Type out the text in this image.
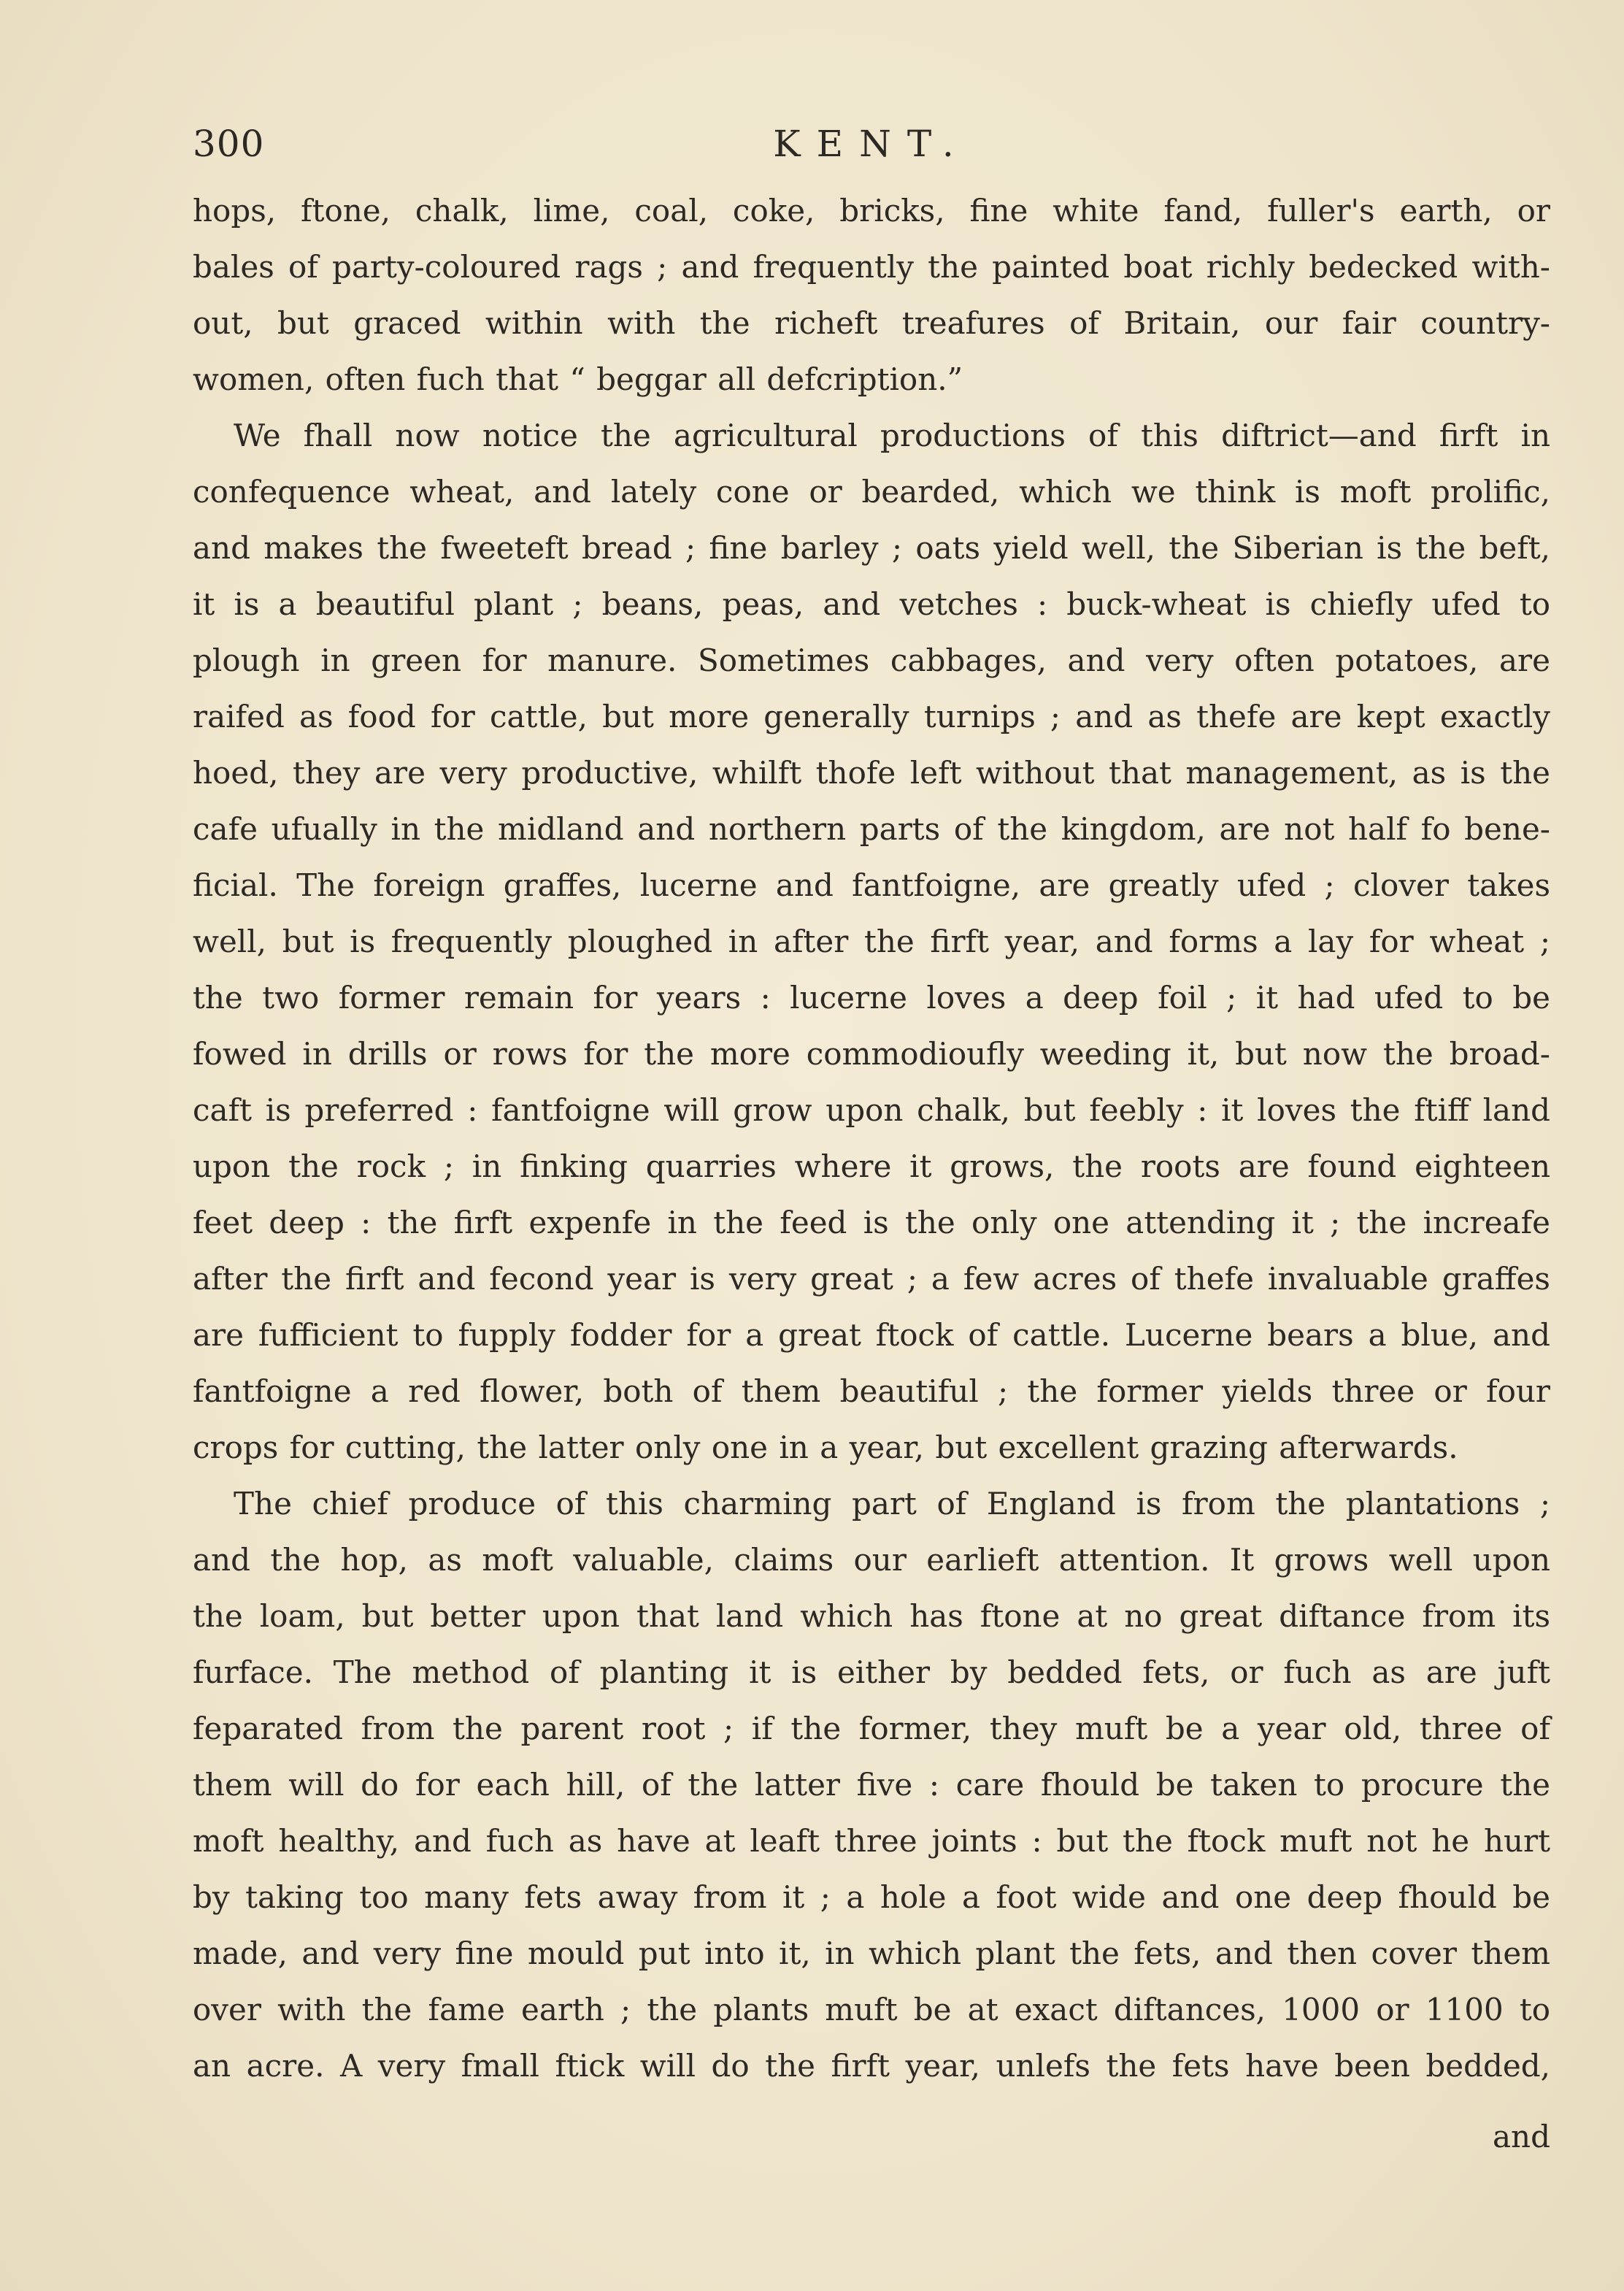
300	KENT.

hops, ftone, chalk, lime, coal, coke, bricks, fine white fand, fuller's earth, or

bales of party-coloured rags ; and frequently the painted boat richly bedecked with-

out, but graced within with the richeft treafures of Britain, our fair country-

women, often fuch that “ beggar all defcription.”

We fhall now notice the agricultural productions of this diftrict—and firft in

confequence wheat, and lately cone or bearded, which we think is moft prolific,

and makes the fweeteft bread ; fine barley ; oats yield well, the Siberian is the beft,

it is a beautiful plant ; beans, peas, and vetches : buck-wheat is chiefly ufed to

plough in green for manure. Sometimes cabbages, and very often potatoes, are

raifed as food for cattle, but more generally turnips ; and as thefe are kept exactly

hoed, they are very productive, whilft thofe left without that management, as is the

cafe ufually in the midland and northern parts of the kingdom, are not half fo bene-

ficial. The foreign graffes, lucerne and fantfoigne, are greatly ufed ; clover takes

well, but is frequently ploughed in after the firft year, and forms a lay for wheat ;

the two former remain for years : lucerne loves a deep foil ; it had ufed to be

fowed in drills or rows for the more commodioufly weeding it, but now the broad-

caft is preferred : fantfoigne will grow upon chalk, but feebly : it loves the ftiff land

upon the rock ; in finking quarries where it grows, the roots are found eighteen

feet deep : the firft expenfe in the feed is the only one attending it ; the increafe

after the firft and fecond year is very great ; a few acres of thefe invaluable graffes

are fufficient to fupply fodder for a great ftock of cattle. Lucerne bears a blue, and

fantfoigne a red flower, both of them beautiful ; the former yields three or four

crops for cutting, the latter only one in a year, but excellent grazing afterwards.

The chief produce of this charming part of England is from the plantations ;

and the hop, as moft valuable, claims our earlieft attention. It grows well upon

the loam, but better upon that land which has ftone at no great diftance from its

furface. The method of planting it is either by bedded fets, or fuch as are juft

feparated from the parent root ; if the former, they muft be a year old, three of

them will do for each hill, of the latter five : care fhould be taken to procure the

moft healthy, and fuch as have at leaft three joints : but the ftock muft not he hurt

by taking too many fets away from it ; a hole a foot wide and one deep fhould be

made, and very fine mould put into it, in which plant the fets, and then cover them

over with the fame earth ; the plants muft be at exact diftances, 1000 or 1100 to

an acre. A very fmall ftick will do the firft year, unlefs the fets have been bedded,

and
